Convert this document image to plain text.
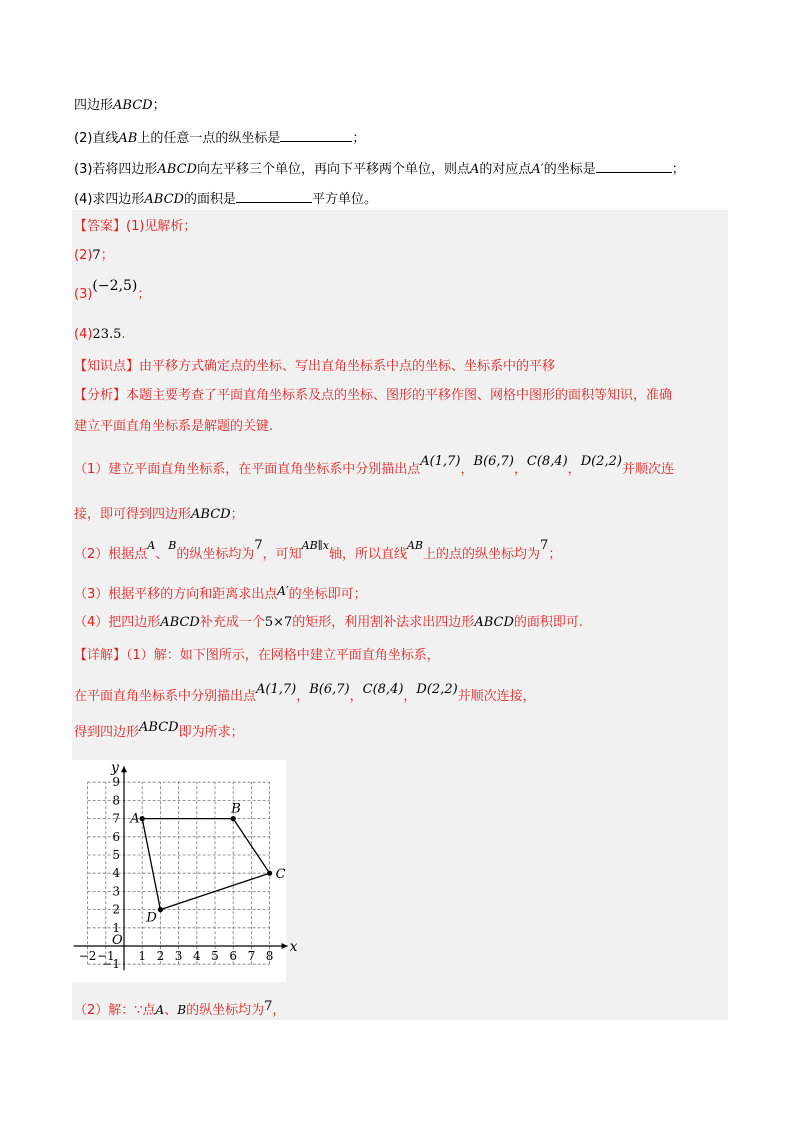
四边形ABCD；
(2)直线AB上的任意一点的纵坐标是	；
(3)若将四边形ABCD向左平移三个单位，再向下平移两个单位，则点A的对应点A′的坐标是	；
(4)求四边形ABCD的面积是	平方单位。
【答案】(1)见解析；
(2)7；
(3)(−2,5)；
(4)23.5.
【知识点】由平移方式确定点的坐标、写出直角坐标系中点的坐标、坐标系中的平移
【分析】本题主要考查了平面直角坐标系及点的坐标、图形的平移作图、网格中图形的面积等知识，准确
建立平面直角坐标系是解题的关键.
（1）建立平面直角坐标系，在平面直角坐标系中分别描出点A(1,7)，B(6,7)，C(8,4)，D(2,2)并顺次连
接，即可得到四边形ABCD；
（2）根据点$^A$、$^B$的纵坐标均为7，可知$^{AB\parallel x}$轴，所以直线$^{AB}$上的点的纵坐标均为7；
（3）根据平移的方向和距离求出点A′的坐标即可；
（4）把四边形ABCD补充成一个5×7的矩形，利用割补法求出四边形ABCD的面积即可.
【详解】（1）解：如下图所示，在网格中建立平面直角坐标系，
在平面直角坐标系中分别描出点A(1,7)，B(6,7)，C(8,4)，D(2,2)并顺次连接，
得到四边形ABCD即为所求；
x
y
O
−2 −1 1 2 3 4 5 6 7 8
−1
1
2
3
4
5
6
7
8
9
A
B
C
D
（2）解：∵点A、B的纵坐标均为7，
